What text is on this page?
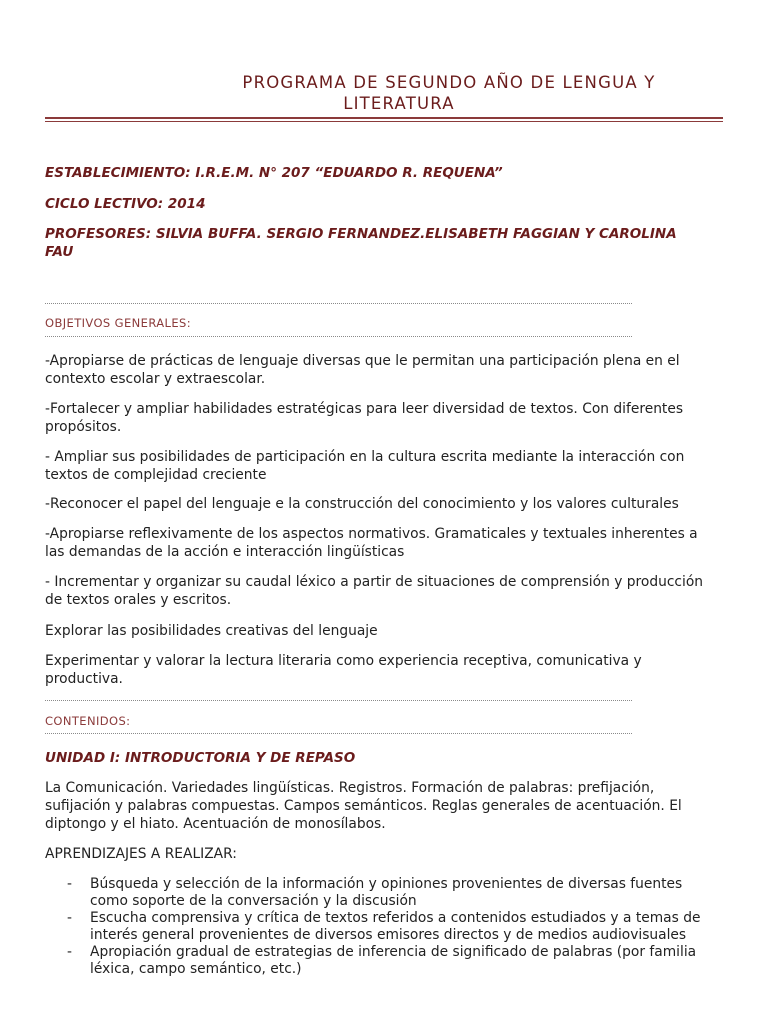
PROGRAMA DE SEGUNDO AÑO DE LENGUA Y
LITERATURA

ESTABLECIMIENTO: I.R.E.M. N° 207 “EDUARDO R. REQUENA”

CICLO LECTIVO: 2014

PROFESORES: SILVIA BUFFA. SERGIO FERNANDEZ.ELISABETH FAGGIAN Y CAROLINA FAU

OBJETIVOS GENERALES:

-Apropiarse de prácticas de lenguaje diversas que le permitan una participación plena en el contexto escolar y extraescolar.

-Fortalecer y ampliar habilidades estratégicas para leer diversidad de textos. Con diferentes propósitos.

- Ampliar sus posibilidades de participación en la cultura escrita mediante la interacción con textos de complejidad creciente

-Reconocer el papel del lenguaje e la construcción del conocimiento y los valores culturales

-Apropiarse reflexivamente de los aspectos normativos. Gramaticales y textuales inherentes a las demandas de la acción e interacción lingüísticas

- Incrementar y organizar su caudal léxico a partir de situaciones de comprensión y producción de textos orales y escritos.

Explorar las posibilidades creativas del lenguaje

Experimentar y valorar la lectura literaria como experiencia receptiva, comunicativa y productiva.

CONTENIDOS:

UNIDAD I: INTRODUCTORIA Y DE REPASO

La Comunicación. Variedades lingüísticas. Registros. Formación de palabras: prefijación, sufijación y palabras compuestas. Campos semánticos. Reglas generales de acentuación. El diptongo y el hiato. Acentuación de monosílabos.

APRENDIZAJES A REALIZAR:

- Búsqueda y selección de la información y opiniones provenientes de diversas fuentes como soporte de la conversación y la discusión
- Escucha comprensiva y crítica de textos referidos a contenidos estudiados y a temas de interés general provenientes de diversos emisores directos y de medios audiovisuales
- Apropiación gradual de estrategias de inferencia de significado de palabras (por familia léxica, campo semántico, etc.)
